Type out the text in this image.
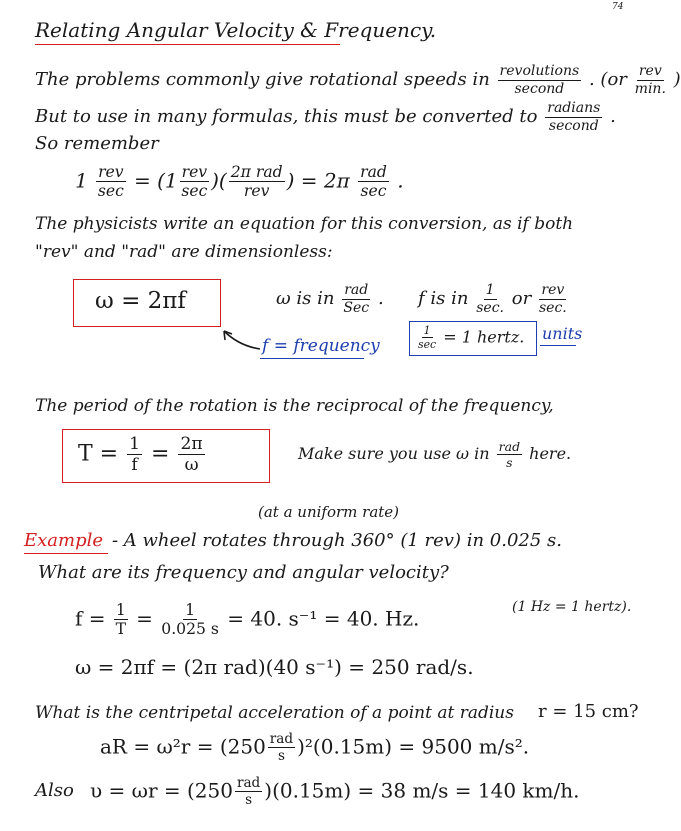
74
Relating Angular Velocity & Frequency.
The problems commonly give rotational speeds in $\frac{\text{revolutions}}{\text{second}}$ . ($or \frac{\text{rev}}{\min.}$ )
But to use in many formulas, this must be converted to $\frac{\text{radians}}{\text{second}}$ .
So remember
$1 \frac{\text{rev}}{\sec} = (1 \frac{\text{rev}}{\sec}$ )( $\frac{\text{2π rad}}{\text{rev}}$ ) = $2\pi \frac{\text{rad}}{\sec}$ .
The physicists write an equation for this conversion, as if both
"rev" and "rad" are dimensionless:
ω = 2πf	ω is in $\frac{\text{rad}}{\text{Sec}}$ . f is in $\frac{1}{\sec.}$ or $\frac{\text{rev}}{\sec.}$
f = frequency	$\frac{1}{\sec} = 1$ hertz. units
The period of the rotation is the reciprocal of the frequency,
$T = \frac{1}{f} = \frac{2\pi}{\omega}$	Make sure you use ω in $\frac{\text{rad}}{s}$ here.
(at a uniform rate)
Example - A wheel rotates through 360° (1 rev) in 0.025 s.
What are its frequency and angular velocity?
$f = \frac{1}{T} = \frac{1}{0.025 s} = 40$. s⁻¹ = 40. Hz.	(1 Hz = 1 hertz).
ω = 2πf = (2π rad)(40 s⁻¹) = 250 rad/s.
What is the centripetal acceleration of a point at radius r = 15 cm?
aR = $\omega^2r = (250 \frac{\text{rad}}{s} )^2(0.15m) = 9500$ m/s².
Also $\upsilon = \omega r = (250 \frac{\text{rad}}{s} )(0.15m) = 38$ m/s = 140 km/h.
